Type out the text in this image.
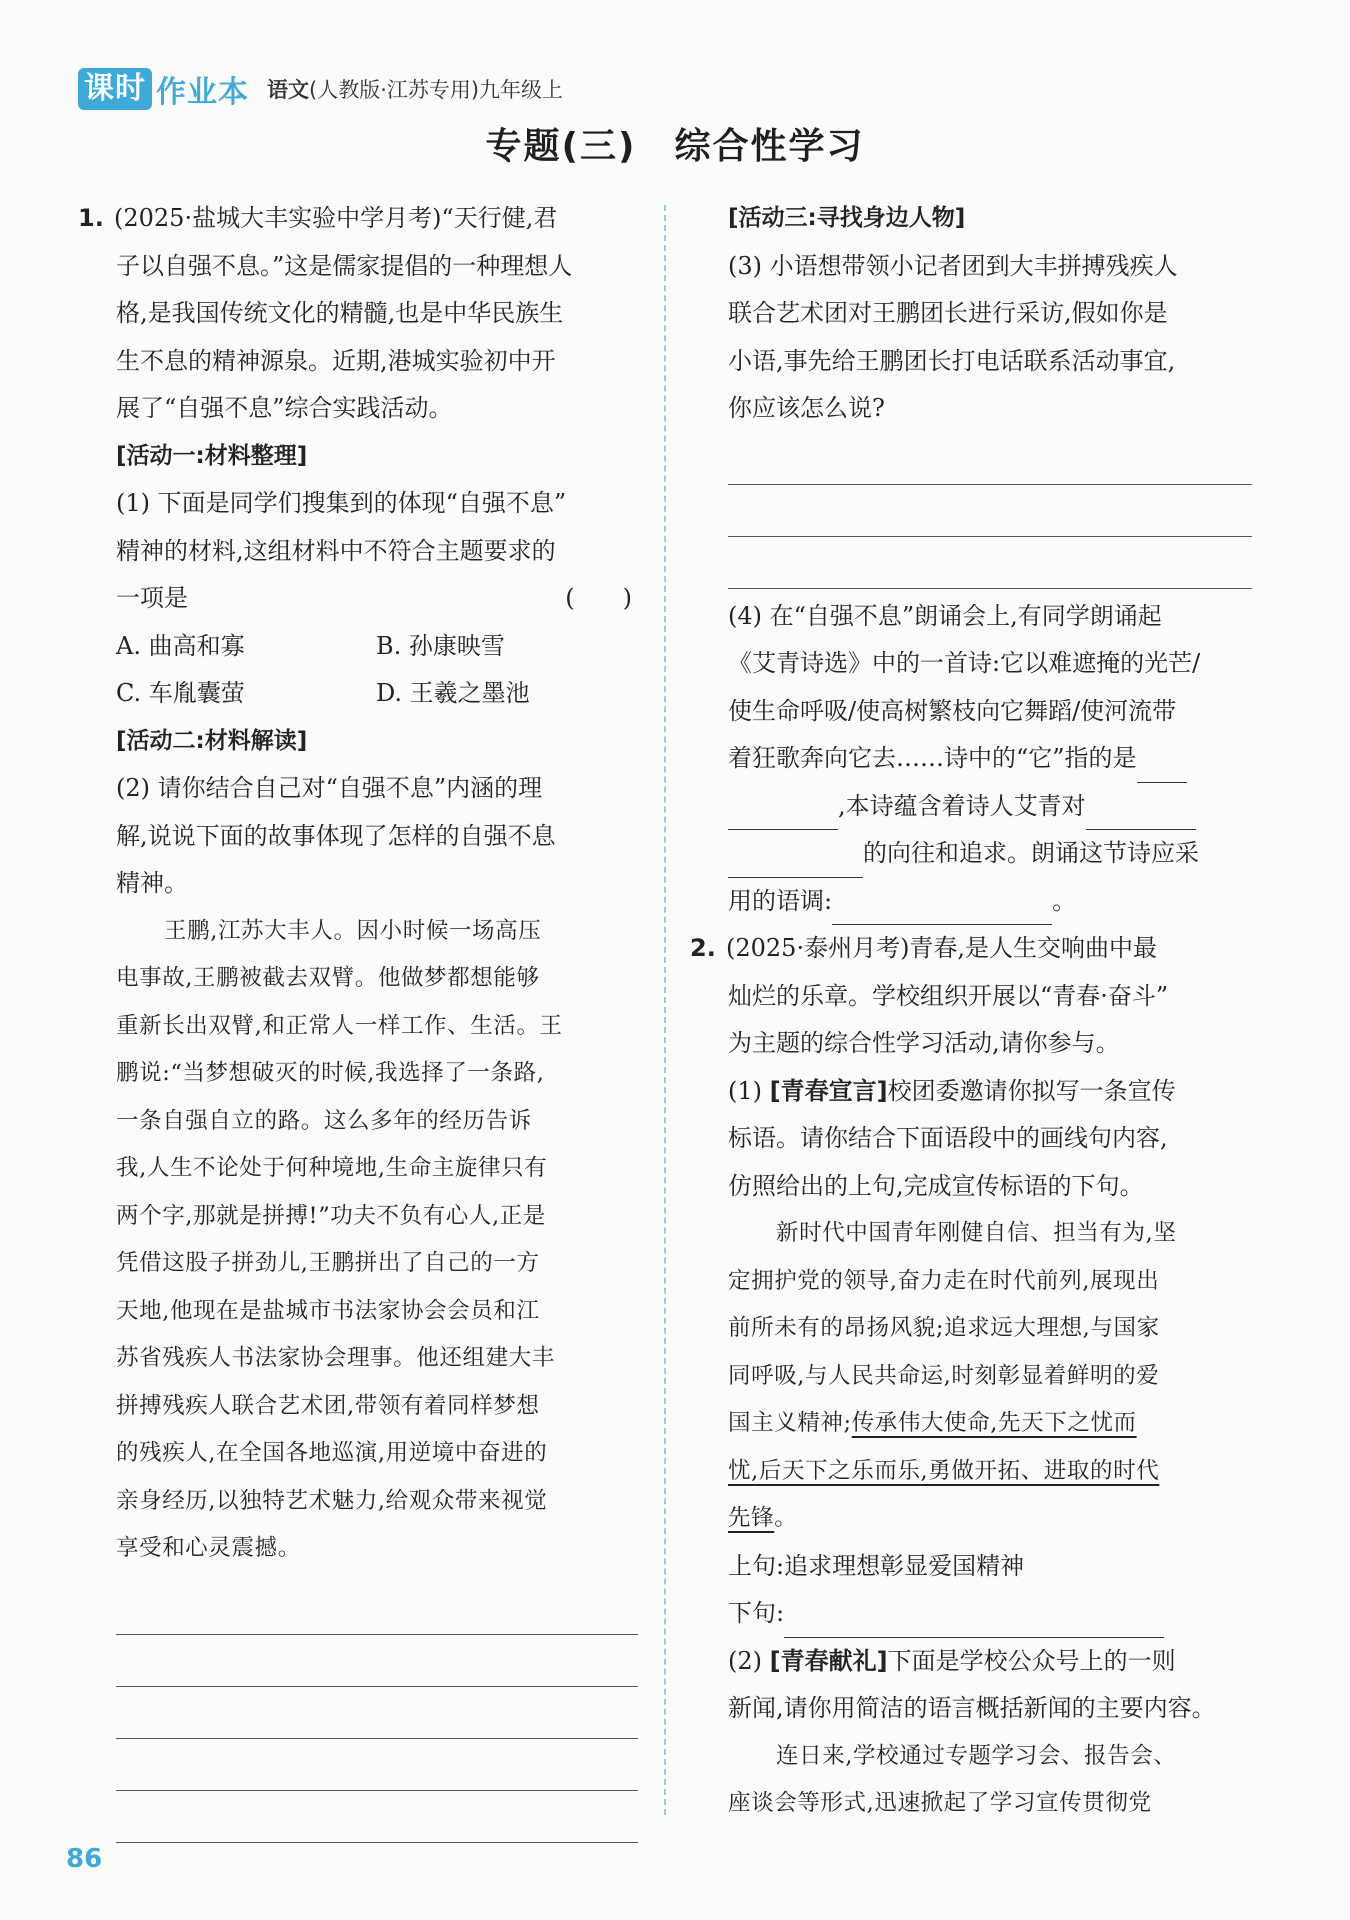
课时 作业本 语文(人教版·江苏专用)九年级上
专题(三)　综合性学习

1. (2025·盐城大丰实验中学月考)“天行健,君

子以自强不息。”这是儒家提倡的一种理想人

格,是我国传统文化的精髓,也是中华民族生

生不息的精神源泉。近期,港城实验初中开

展了“自强不息”综合实践活动。

[活动一:材料整理]

(1) 下面是同学们搜集到的体现“自强不息”

精神的材料,这组材料中不符合主题要求的

一项是	(　　)

A. 曲高和寡	B. 孙康映雪
C. 车胤囊萤	D. 王羲之墨池

[活动二:材料解读]

(2) 请你结合自己对“自强不息”内涵的理

解,说说下面的故事体现了怎样的自强不息

精神。

王鹏,江苏大丰人。因小时候一场高压

电事故,王鹏被截去双臂。他做梦都想能够

重新长出双臂,和正常人一样工作、生活。王

鹏说:“当梦想破灭的时候,我选择了一条路,

一条自强自立的路。这么多年的经历告诉

我,人生不论处于何种境地,生命主旋律只有

两个字,那就是拼搏!”功夫不负有心人,正是

凭借这股子拼劲儿,王鹏拼出了自己的一方

天地,他现在是盐城市书法家协会会员和江

苏省残疾人书法家协会理事。他还组建大丰

拼搏残疾人联合艺术团,带领有着同样梦想

的残疾人,在全国各地巡演,用逆境中奋进的

亲身经历,以独特艺术魅力,给观众带来视觉

享受和心灵震撼。

[活动三:寻找身边人物]

(3) 小语想带领小记者团到大丰拼搏残疾人

联合艺术团对王鹏团长进行采访,假如你是

小语,事先给王鹏团长打电话联系活动事宜,

你应该怎么说?

(4) 在“自强不息”朗诵会上,有同学朗诵起

《艾青诗选》中的一首诗:它以难遮掩的光芒/

使生命呼吸/使高树繁枝向它舞蹈/使河流带

着狂歌奔向它去……诗中的“它”指的是

,本诗蕴含着诗人艾青对

的向往和追求。朗诵这节诗应采

用的语调:	。

2. (2025·泰州月考)青春,是人生交响曲中最

灿烂的乐章。学校组织开展以“青春·奋斗”

为主题的综合性学习活动,请你参与。

(1) [青春宣言]校团委邀请你拟写一条宣传

标语。请你结合下面语段中的画线句内容,

仿照给出的上句,完成宣传标语的下句。

新时代中国青年刚健自信、担当有为,坚

定拥护党的领导,奋力走在时代前列,展现出

前所未有的昂扬风貌;追求远大理想,与国家

同呼吸,与人民共命运,时刻彰显着鲜明的爱

国主义精神;传承伟大使命,先天下之忧而

忧,后天下之乐而乐,勇做开拓、进取的时代

先锋。

上句:追求理想彰显爱国精神

下句:

(2) [青春献礼]下面是学校公众号上的一则

新闻,请你用简洁的语言概括新闻的主要内容。

连日来,学校通过专题学习会、报告会、

座谈会等形式,迅速掀起了学习宣传贯彻党

86
